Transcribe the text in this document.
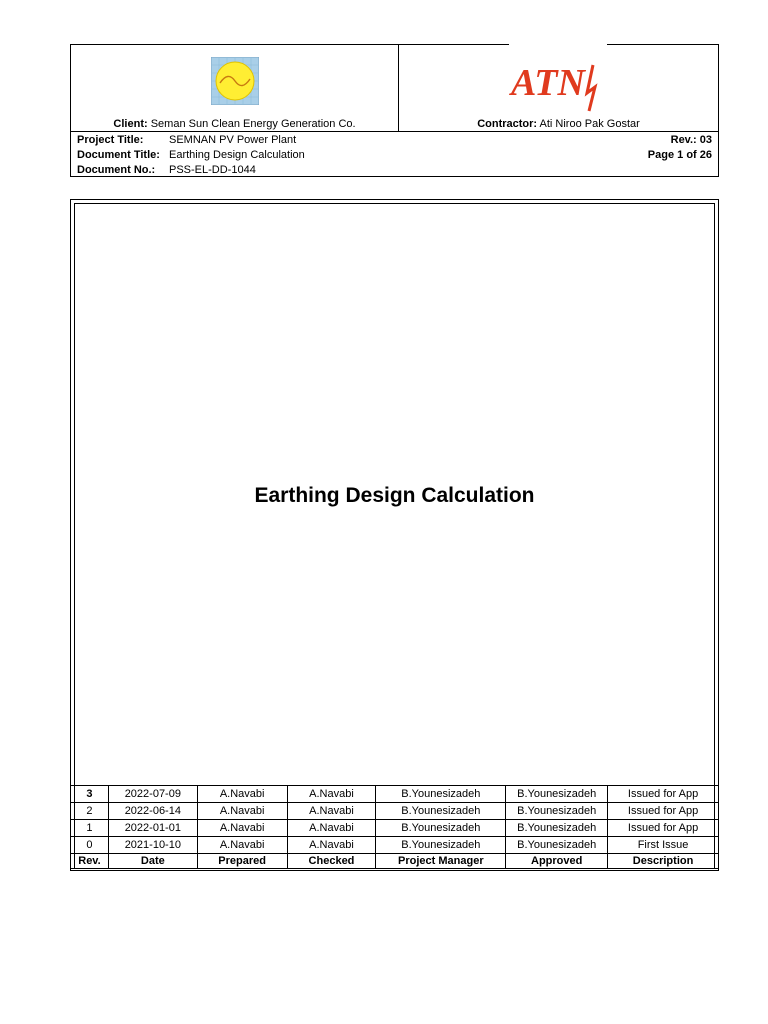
Client: Seman Sun Clean Energy Generation Co.
ATN
Contractor: Ati Niroo Pak Gostar
Project Title: SEMNAN PV Power Plant	Rev.: 03
Document Title: Earthing Design Calculation	Page 1 of 26
Document No.: PSS-EL-DD-1044
Earthing Design Calculation
3	2022-07-09	A.Navabi	A.Navabi	B.Younesizadeh	B.Younesizadeh	Issued for App
2	2022-06-14	A.Navabi	A.Navabi	B.Younesizadeh	B.Younesizadeh	Issued for App
1	2022-01-01	A.Navabi	A.Navabi	B.Younesizadeh	B.Younesizadeh	Issued for App
0	2021-10-10	A.Navabi	A.Navabi	B.Younesizadeh	B.Younesizadeh	First Issue
Rev.	Date	Prepared	Checked	Project Manager	Approved	Description
